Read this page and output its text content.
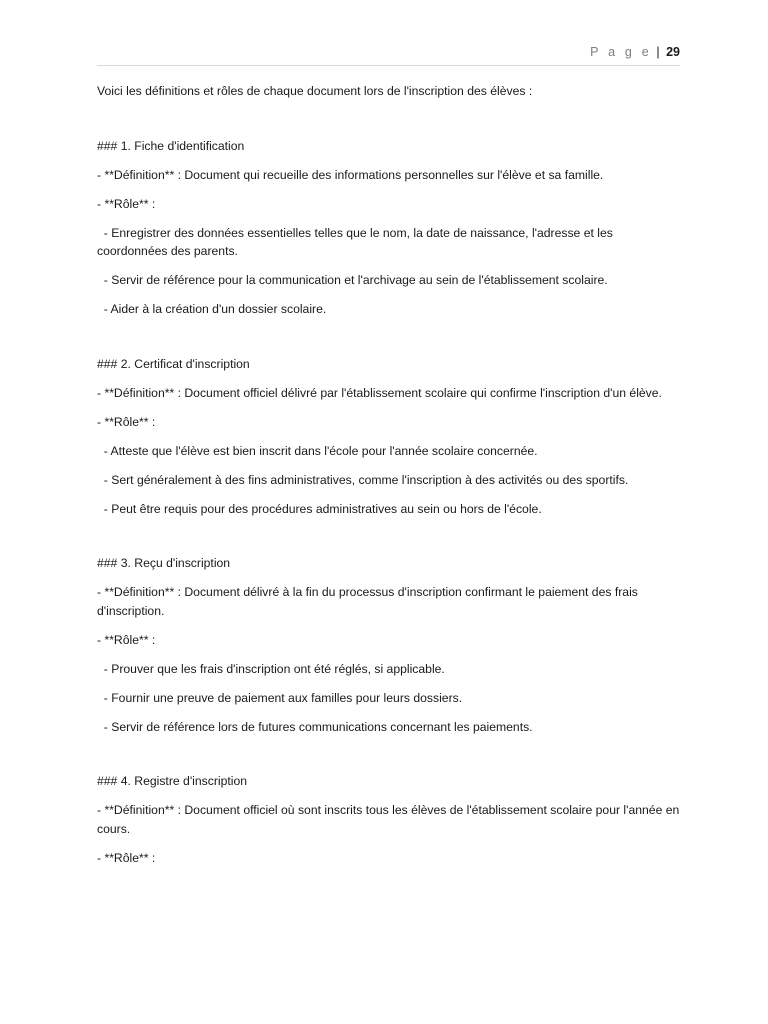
P a g e | 29

Voici les définitions et rôles de chaque document lors de l'inscription des élèves :

### 1. Fiche d'identification

- **Définition** : Document qui recueille des informations personnelles sur l'élève et sa famille.

- **Rôle** :

- Enregistrer des données essentielles telles que le nom, la date de naissance, l'adresse et les coordonnées des parents.

- Servir de référence pour la communication et l'archivage au sein de l'établissement scolaire.

- Aider à la création d'un dossier scolaire.

### 2. Certificat d'inscription

- **Définition** : Document officiel délivré par l'établissement scolaire qui confirme l'inscription d'un élève.

- **Rôle** :

- Atteste que l'élève est bien inscrit dans l'école pour l'année scolaire concernée.

- Sert généralement à des fins administratives, comme l'inscription à des activités ou des sportifs.

- Peut être requis pour des procédures administratives au sein ou hors de l'école.

### 3. Reçu d'inscription

- **Définition** : Document délivré à la fin du processus d'inscription confirmant le paiement des frais d'inscription.

- **Rôle** :

- Prouver que les frais d'inscription ont été réglés, si applicable.

- Fournir une preuve de paiement aux familles pour leurs dossiers.

- Servir de référence lors de futures communications concernant les paiements.

### 4. Registre d'inscription

- **Définition** : Document officiel où sont inscrits tous les élèves de l'établissement scolaire pour l'année en cours.

- **Rôle** :
